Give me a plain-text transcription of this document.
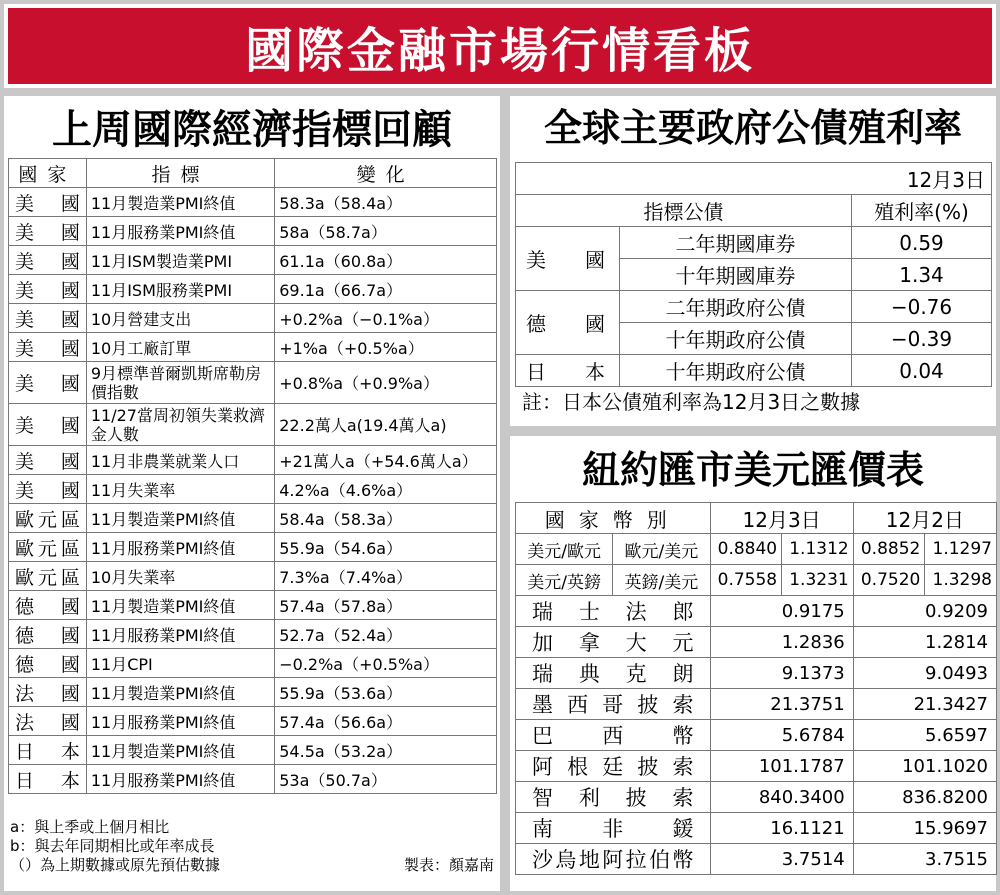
國際金融市場行情看板
上周國際經濟指標回顧
國家	指標	變化
美國	11月製造業PMI終值	58.3a（58.4a）
美國	11月服務業PMI終值	58a（58.7a）
美國	11月ISM製造業PMI	61.1a（60.8a）
美國	11月ISM服務業PMI	69.1a（66.7a）
美國	10月營建支出	+0.2%a（−0.1%a）
美國	10月工廠訂單	+1%a（+0.5%a）
美國	9月標準普爾凱斯席勒房價指數	+0.8%a（+0.9%a）
美國	11/27當周初領失業救濟金人數	22.2萬人a(19.4萬人a)
美國	11月非農業就業人口	+21萬人a（+54.6萬人a）
美國	11月失業率	4.2%a（4.6%a）
歐元區	11月製造業PMI終值	58.4a（58.3a）
歐元區	11月服務業PMI終值	55.9a（54.6a）
歐元區	10月失業率	7.3%a（7.4%a）
德國	11月製造業PMI終值	57.4a（57.8a）
德國	11月服務業PMI終值	52.7a（52.4a）
德國	11月CPI	−0.2%a（+0.5%a）
法國	11月製造業PMI終值	55.9a（53.6a）
法國	11月服務業PMI終值	57.4a（56.6a）
日本	11月製造業PMI終值	54.5a（53.2a）
日本	11月服務業PMI終值	53a（50.7a）
a：與上季或上個月相比
b：與去年同期相比或年率成長
（）為上期數據或原先預估數據	製表：顏嘉南
全球主要政府公債殖利率
12月3日		
指標公債		殖利率(%)
美國	二年期國庫券	0.59
	十年期國庫券	1.34
德國	二年期政府公債	−0.76
	十年期政府公債	−0.39
日本	十年期政府公債	0.04
註：日本公債殖利率為12月3日之數據
紐約匯市美元匯價表
國家幣別		12月3日		12月2日	
美元/歐元	歐元/美元	0.8840	1.1312	0.8852	1.1297
美元/英鎊	英鎊/美元	0.7558	1.3231	0.7520	1.3298
瑞士法郎		0.9175		0.9209	
加拿大元		1.2836		1.2814	
瑞典克朗		9.1373		9.0493	
墨西哥披索		21.3751		21.3427	
巴西幣		5.6784		5.6597	
阿根廷披索		101.1787		101.1020	
智利披索		840.3400		836.8200	
南非鍰		16.1121		15.9697	
沙烏地阿拉伯幣		3.7514		3.7515	
